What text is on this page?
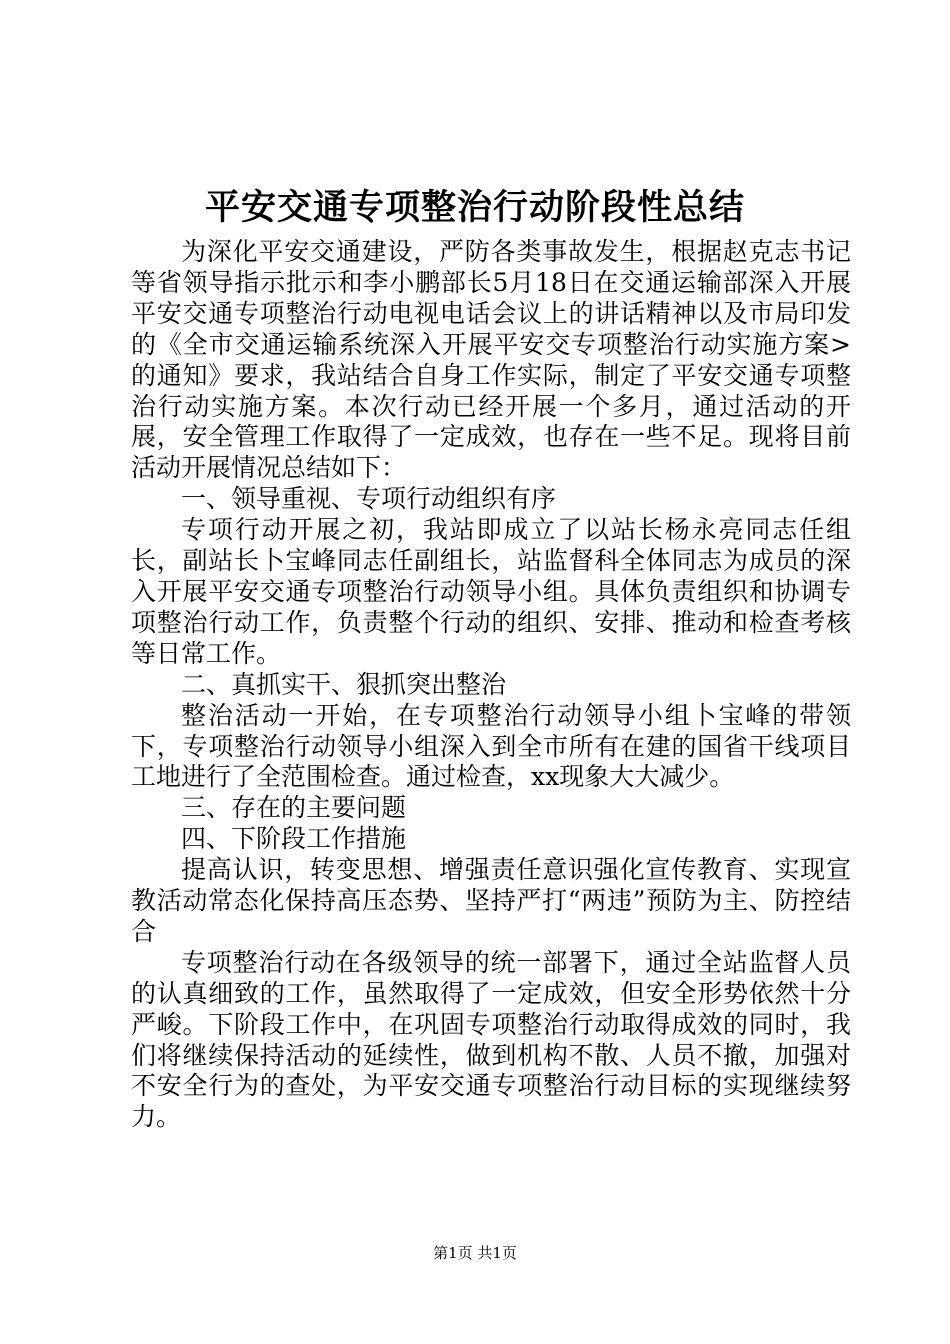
平安交通专项整治行动阶段性总结

为深化平安交通建设，严防各类事故发生，根据赵克志书记等省领导指示批示和李小鹏部长5月18日在交通运输部深入开展平安交通专项整治行动电视电话会议上的讲话精神以及市局印发的《全市交通运输系统深入开展平安交专项整治行动实施方案>的通知》要求，我站结合自身工作实际，制定了平安交通专项整治行动实施方案。本次行动已经开展一个多月，通过活动的开展，安全管理工作取得了一定成效，也存在一些不足。现将目前活动开展情况总结如下：

一、领导重视、专项行动组织有序

专项行动开展之初，我站即成立了以站长杨永亮同志任组长，副站长卜宝峰同志任副组长，站监督科全体同志为成员的深入开展平安交通专项整治行动领导小组。具体负责组织和协调专项整治行动工作，负责整个行动的组织、安排、推动和检查考核等日常工作。

二、真抓实干、狠抓突出整治

整治活动一开始，在专项整治行动领导小组卜宝峰的带领下，专项整治行动领导小组深入到全市所有在建的国省干线项目工地进行了全范围检查。通过检查，xx现象大大减少。

三、存在的主要问题

四、下阶段工作措施

提高认识，转变思想、增强责任意识强化宣传教育、实现宣教活动常态化保持高压态势、坚持严打“两违”预防为主、防控结合

专项整治行动在各级领导的统一部署下，通过全站监督人员的认真细致的工作，虽然取得了一定成效，但安全形势依然十分严峻。下阶段工作中，在巩固专项整治行动取得成效的同时，我们将继续保持活动的延续性，做到机构不散、人员不撤，加强对不安全行为的查处，为平安交通专项整治行动目标的实现继续努力。

第1页 共1页
